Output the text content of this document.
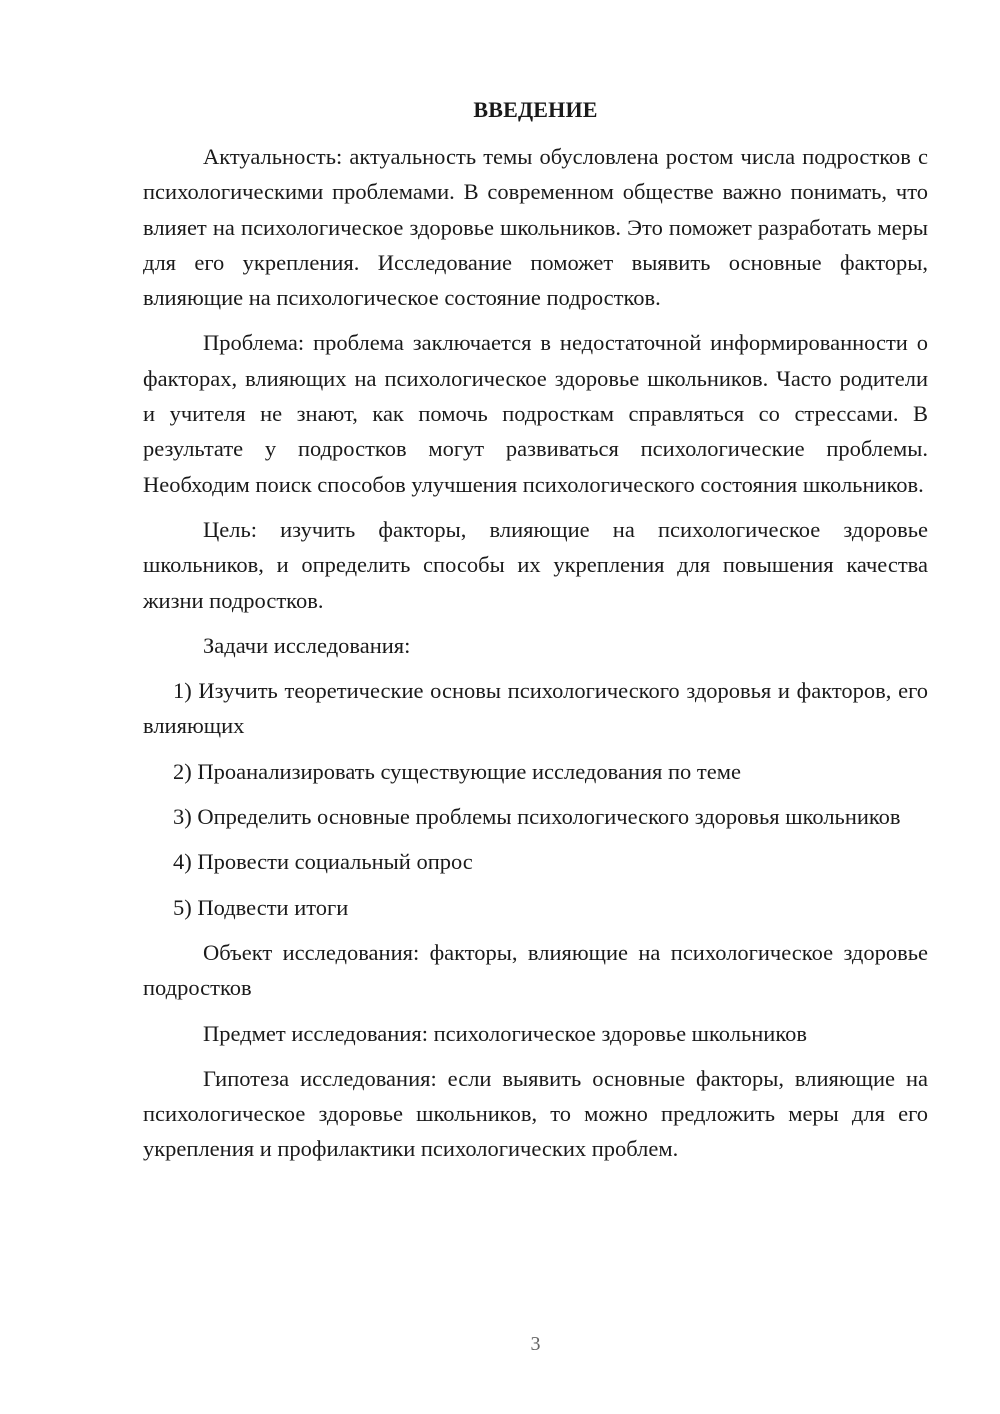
ВВЕДЕНИЕ

Актуальность: актуальность темы обусловлена ростом числа подростков с психологическими проблемами. В современном обществе важно понимать, что влияет на психологическое здоровье школьников. Это поможет разработать меры для его укрепления. Исследование поможет выявить основные факторы, влияющие на психологическое состояние подростков.

Проблема: проблема заключается в недостаточной информированности о факторах, влияющих на психологическое здоровье школьников. Часто родители и учителя не знают, как помочь подросткам справляться со стрессами. В результате у подростков могут развиваться психологические проблемы. Необходим поиск способов улучшения психологического состояния школьников.

Цель: изучить факторы, влияющие на психологическое здоровье школьников, и определить способы их укрепления для повышения качества жизни подростков.

Задачи исследования:

1) Изучить теоретические основы психологического здоровья и факторов, его влияющих

2) Проанализировать существующие исследования по теме

3) Определить основные проблемы психологического здоровья школьников

4) Провести социальный опрос

5) Подвести итоги

Объект исследования: факторы, влияющие на психологическое здоровье подростков

Предмет исследования: психологическое здоровье школьников

Гипотеза исследования: если выявить основные факторы, влияющие на психологическое здоровье школьников, то можно предложить меры для его укрепления и профилактики психологических проблем.

3
